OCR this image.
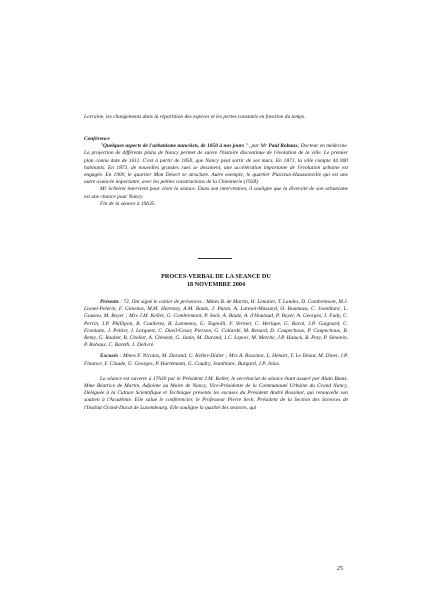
Lorraine, les changements dans la répartition des espèces et les pertes constatés en fonction du temps.

Conférence

"Quelques aspects de l'urbanisme nancéien, de 1850 à nos jours ", par Mr Paul Robaux, Docteur en médecine. La projection de différents plans de Nancy permet de suivre l'histoire discontinue de l'évolution de la ville. Le premier plan connu date de 1611. C'est à partir de 1850, que Nancy peut sortir de ses murs. En 1871, la ville compte 44 000 habitants. En 1873, de nouvelles grandes rues se dessinent, une accélération importante de l'évolution urbaine est engagée. En 1900, le quartier Mon Désert se structure. Autre exemple, le quartier Placieux-Haussonville qui est une autre avancée importante, avec les petites constructions de la Chiennerie (1928).

Mr Schléret intervient pour clore la séance. Dans son intervention, il souligne que la diversité de son urbanisme est une chance pour Nancy.

Fin de la séance à 19h35.

PROCES-VERBAL DE LA SEANCE DU
18 NOVEMBRE 2004

Présents : 72. Ont signé le cahier de présences : Mmes B. de Martin, H. Lenatier, T. Landes, D. Combremont, M.J. Lionel-Pelerin, F. Gimenez, M.M. Harestey, A.M. Bautz, J. Puton, A. Laresel-Massard, O. Boumaza, C. Jeanblanc, L. Gouzou, M. Boyer ; Mrs J.M. Keller, G. Combremont, P. Seck, A. Bautz, A. d'Houtaud, P. Boyer, A. Georges, J. Fady, C. Perrin, J.P. Phillipon, R. Coullerez, R. Lammens, G. Tognolli, F. Vernier, C. Herique, G. Raval, J.P. Guignard, C. Franiatte, J. Peltier, J. Larguetz, C. Dueil-Cesar, Pierson, G. Collardé, M. Renard, D. Coupechoux, P. Coupechoux, B. Remy, G. Rauber, B. Chollot, A. Clément, G. Janin, M. Durand, J.C. Lepori, M. Metche, J.P. Haluck, B. Poty, P. Simonin, P. Robaux, C. Bareth, J. Delivré.

Excusés : Mmes F. Nicolas, M. Durand, C. Keller-Didier ; Mrs A. Rossinot, L. Hénart, Y. Le Déaut, M. Dinet, J.P. Finance, F. Claude, G. Georges, P. Hartemann, G. Coudry, Jeanblanc, Burgard, J.P. Jolas.

La séance est ouverte à 17h30 par le Président J.M. Keller, le secrétariat de séance étant assuré par Alain Bautz. Mme Béatrice de Martin, Adjointe au Maire de Nancy, Vice-Présidente de la Communauté Urbaine du Grand Nancy, Déléguée à la Culture Scientifique et Technique présente les excuses du Président André Rossinot, qui renouvelle son soutien à l'Académie. Elle salue le conférencier, le Professeur Pierre Seck, Président de la Section des Sciences de l'Institut Grand-Ducal de Luxembourg. Elle souligne la qualité des séances, qui

25
